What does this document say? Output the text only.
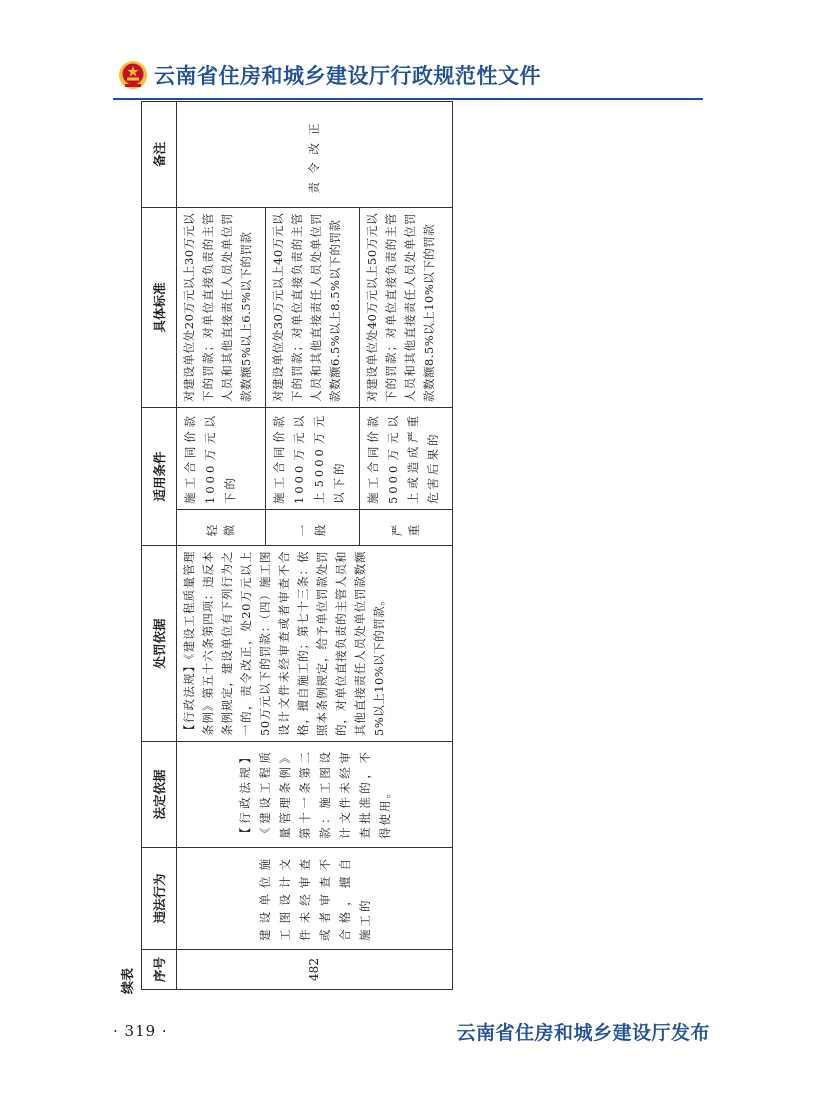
云南省住房和城乡建设厅行政规范性文件
续表	序号	违法行为	法定依据	处罚依据	适用条件		具体标准	备注
482	建设单位施工图设计文件未经审查或者审查不合格，擅自施工的	【行政法规】《建设工程质量管理条例》第十一条第二款：施工图设计文件未经审查批准的，不得使用。	【行政法规】《建设工程质量管理条例》第五十六条第四项：违反本条例规定，建设单位有下列行为之一的，责令改正，处20万元以上50万元以下的罚款：（四）施工图设计文件未经审查或者审查不合格，擅自施工的；第七十三条：依照本条例规定，给予单位罚款处罚的，对单位直接负责的主管人员和其他直接责任人员处单位罚款数额5%以上10%以下的罚款。	轻微	施工合同价款1000万元以下的	对建设单位处20万元以上30万元以下的罚款；对单位直接负责的主管人员和其他直接责任人员处单位罚款数额5%以上6.5%以下的罚款	责令改正
				一般	施工合同价款1000万元以上5000万元以下的	对建设单位处30万元以上40万元以下的罚款；对单位直接负责的主管人员和其他直接责任人员处单位罚款数额6.5%以上8.5%以下的罚款	
				严重	施工合同价款5000万元以上或造成严重危害后果的	对建设单位处40万元以上50万元以下的罚款；对单位直接负责的主管人员和其他直接责任人员处单位罚款数额8.5%以上10%以下的罚款	
· 319 ·	云南省住房和城乡建设厅发布
